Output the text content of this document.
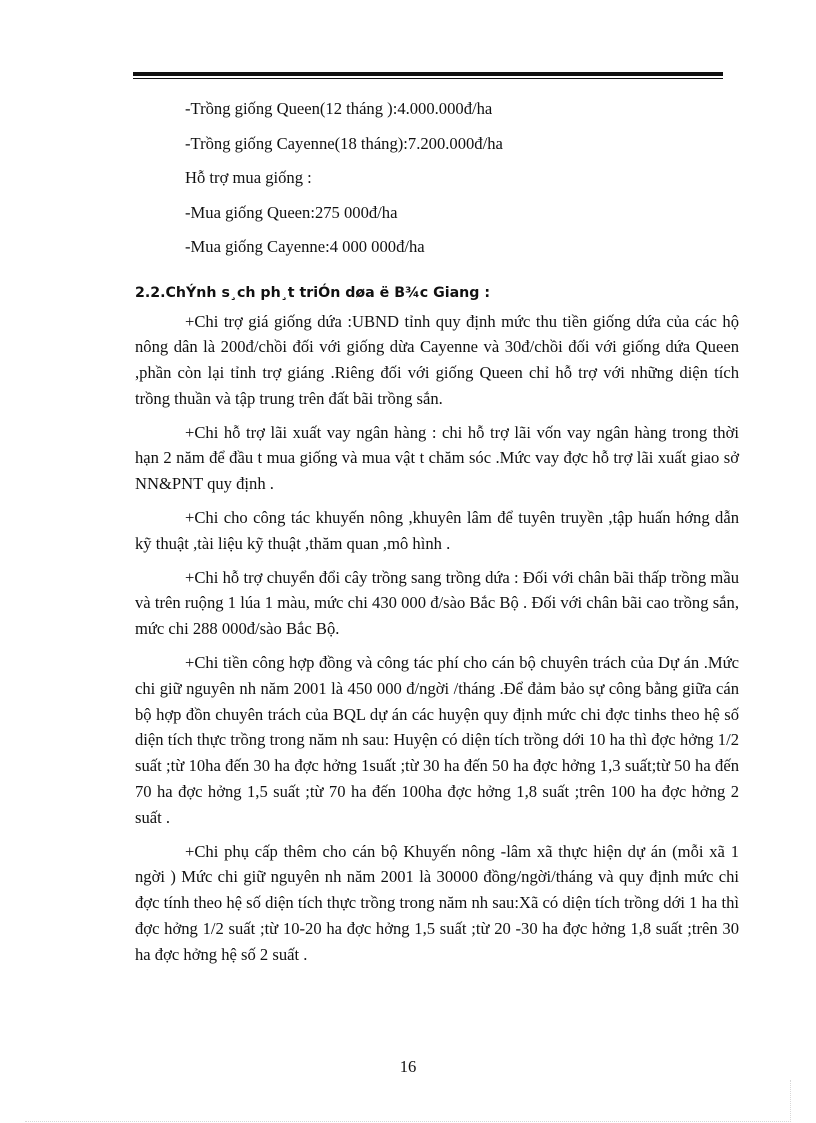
-Trồng giống Queen(12 tháng ):4.000.000đ/ha

-Trồng giống Cayenne(18 tháng):7.200.000đ/ha

Hỗ trợ mua giống :

-Mua giống Queen:275 000đ/ha

-Mua giống Cayenne:4 000 000đ/ha

2.2.ChÝnh s¸ch ph¸t triÓn døa ë B¾c Giang :

+Chi trợ giá giống dứa :UBND tỉnh quy định mức thu tiền giống dứa của các hộ nông dân là 200đ/chồi đối với giống dừa Cayenne và 30đ/chồi đối với giống dứa Queen ,phần còn lại tỉnh trợ giáng .Riêng đối với giống Queen chỉ hỗ trợ với những diện tích trồng thuần và tập trung trên đất bãi trồng sắn.

+Chi hỗ trợ lãi xuất vay ngân hàng : chi hỗ trợ lãi vốn vay ngân hàng trong thời hạn 2 năm để đầu t mua giống và mua vật t chăm sóc .Mức vay đợc hỗ trợ lãi xuất giao sở NN&PNT quy định .

+Chi cho công tác khuyến nông ,khuyên lâm để tuyên truyền ,tập huấn hớng dẫn kỹ thuật ,tài liệu kỹ thuật ,thăm quan ,mô hình .

+Chi hỗ trợ chuyển đổi cây trồng sang trồng dứa : Đối với chân bãi thấp trồng mầu và trên ruộng 1 lúa 1 màu, mức chi 430 000 đ/sào Bắc Bộ . Đối với chân bãi cao trồng sắn, mức chi 288 000đ/sào Bắc Bộ.

+Chi tiền công hợp đồng và công tác phí cho cán bộ chuyên trách của Dự án .Mức chi giữ nguyên nh năm 2001 là 450 000 đ/ngời /tháng .Để đảm bảo sự công bằng giữa cán bộ hợp đồn chuyên trách của BQL dự án các huyện quy định mức chi đợc tinhs theo hệ số diện tích thực trồng trong năm nh sau: Huyện có diện tích trồng dới 10 ha thì đợc hởng 1/2 suất ;từ 10ha đến 30 ha đợc hởng 1suất ;từ 30 ha đến 50 ha đợc hởng 1,3 suất;từ 50 ha đến 70 ha đợc hởng 1,5 suất ;từ 70 ha đến 100ha đợc hởng 1,8 suất ;trên 100 ha đợc hởng 2 suất .

+Chi phụ cấp thêm cho cán bộ Khuyến nông -lâm xã thực hiện dự án (mỗi xã 1 ngời ) Mức chi giữ nguyên nh năm 2001 là 30000 đồng/ngời/tháng và quy định mức chi đợc tính theo hệ số diện tích thực trồng trong năm nh sau:Xã có diện tích trồng dới 1 ha thì đợc hởng 1/2 suất ;từ 10-20 ha đợc hởng 1,5 suất ;từ 20 -30 ha đợc hởng 1,8 suất ;trên 30 ha đợc hởng hệ số 2 suất .

16
